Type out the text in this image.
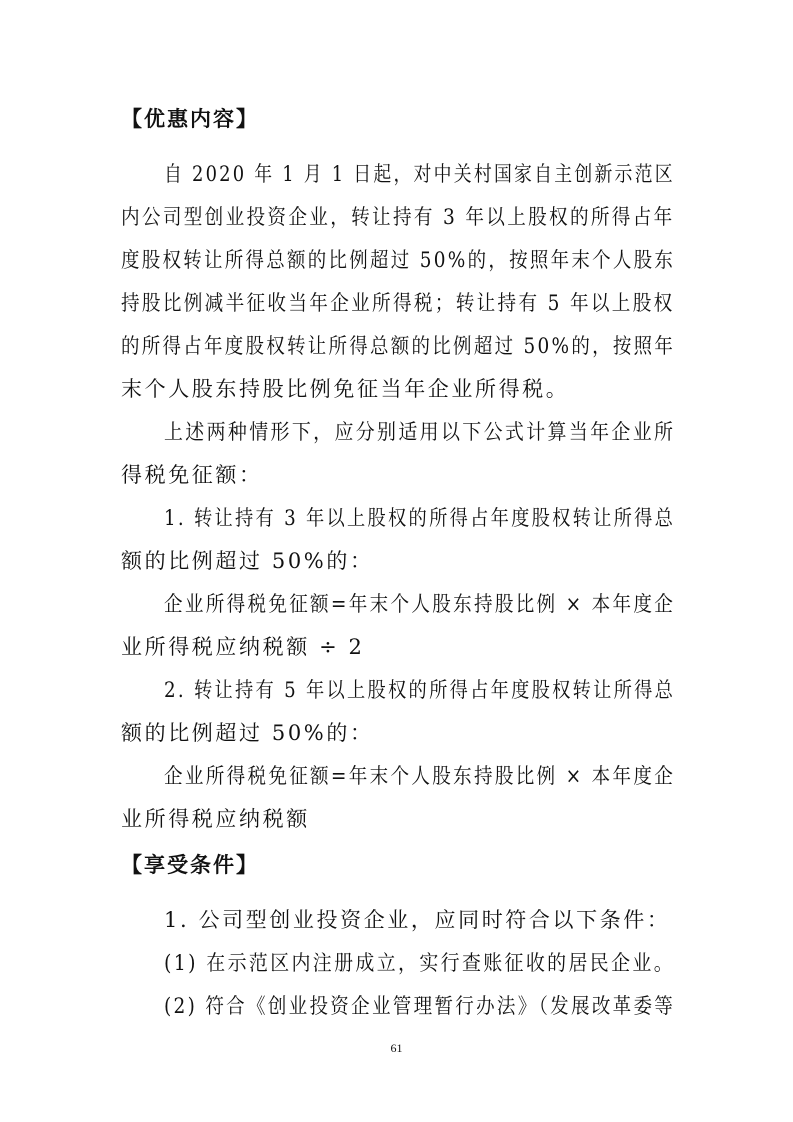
【优惠内容】
自 2020 年 1 月 1 日起，对中关村国家自主创新示范区
内公司型创业投资企业，转让持有 3 年以上股权的所得占年
度股权转让所得总额的比例超过 50%的，按照年末个人股东
持股比例减半征收当年企业所得税；转让持有 5 年以上股权
的所得占年度股权转让所得总额的比例超过 50%的，按照年
末个人股东持股比例免征当年企业所得税。
上述两种情形下，应分别适用以下公式计算当年企业所
得税免征额：
1. 转让持有 3 年以上股权的所得占年度股权转让所得总
额的比例超过 50%的：
企业所得税免征额=年末个人股东持股比例 × 本年度企
业所得税应纳税额 ÷ 2
2. 转让持有 5 年以上股权的所得占年度股权转让所得总
额的比例超过 50%的：
企业所得税免征额=年末个人股东持股比例 × 本年度企
业所得税应纳税额
【享受条件】
1. 公司型创业投资企业，应同时符合以下条件：
(1) 在示范区内注册成立，实行查账征收的居民企业。
(2) 符合《创业投资企业管理暂行办法》（发展改革委等
61
